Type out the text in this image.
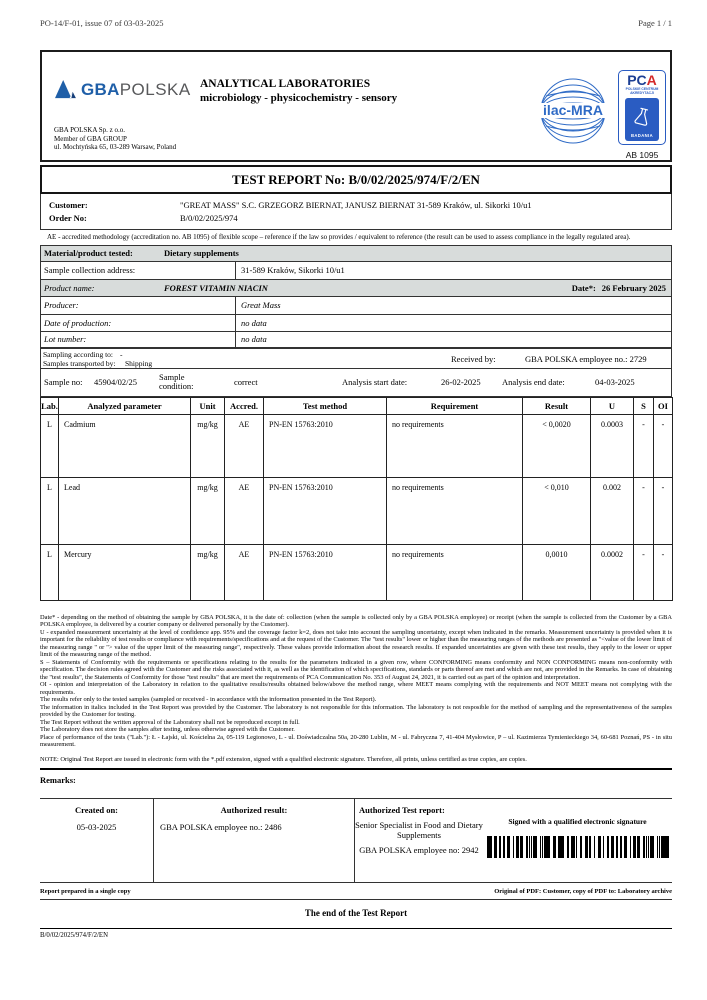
PO-14/F-01, issue 07 of 03-03-2025	Page 1 / 1
GBA POLSKA
GBA POLSKA Sp. z o.o.
Member of GBA GROUP
ul. Mochtyńska 65, 03-289 Warsaw, Poland
ANALYTICAL LABORATORIES
microbiology - physicochemistry - sensory
ilac-MRA
PCA
POLSKIE CENTRUM
AKREDYTACJI
BADANIA
AB 1095
TEST REPORT No: B/0/02/2025/974/F/2/EN
Customer:	"GREAT MASS" S.C. GRZEGORZ BIERNAT, JANUSZ BIERNAT 31-589 Kraków, ul. Sikorki 10/u1
Order No:	B/0/02/2025/974
AE - accredited methodology (accreditation no. AB 1095) of flexible scope – reference if the law so provides / equivalent to reference (the result can be used to assess compliance in the legally regulated area).
Material/product tested:	Dietary supplements
Sample collection address:	31-589 Kraków, Sikorki 10/u1
Product name:	FOREST VITAMIN NIACIN	Date*: 26 February 2025
Producer:	Great Mass
Date of production:	no data
Lot number:	no data
Sampling according to: -
Samples transported by: Shipping	Received by:	GBA POLSKA employee no.: 2729
Sample no: 45904/02/25	Sample condition:	correct	Analysis start date:	26-02-2025	Analysis end date:	04-03-2025
Lab.	Analyzed parameter	Unit	Accred.	Test method	Requirement	Result	U	S	OI
L	Cadmium	mg/kg	AE	PN-EN 15763:2010	no requirements	< 0,0020	0.0003	-	-
L	Lead	mg/kg	AE	PN-EN 15763:2010	no requirements	< 0,010	0.002	-	-
L	Mercury	mg/kg	AE	PN-EN 15763:2010	no requirements	0,0010	0.0002	-	-

Date* - depending on the method of obtaining the sample by GBA POLSKA, it is the date of: collection (when the sample is collected only by a GBA POLSKA employee) or receipt (when the sample is collected from the Customer by a GBA POLSKA employee, is delivered by a courier company or delivered personally by the Customer).

U - expanded measurement uncertainty at the level of confidence app. 95% and the coverage factor k=2, does not take into account the sampling uncertainty, except when indicated in the remarks. Measurement uncertainty is provided when it is important for the reliability of test results or compliance with requirements/specifications and at the request of the Customer. The "test results" lower or higher than the measuring ranges of the methods are presented as "<value of the lower limit of the measuring range " or "> value of the upper limit of the measuring range", respectively. These values provide information about the research results. If expanded uncertainties are given with these test results, they apply to the lower or upper limit of the measuring range of the method.

S – Statements of Conformity with the requirements or specifications relating to the results for the parameters indicated in a given row, where CONFORMING means conformity and NON CONFORMING means non-conformity with specification. The decision rules agreed with the Customer and the risks associated with it, as well as the identification of which specifications, standards or parts thereof are met and which are not, are provided in the Remarks. In case of obtaining the "test results", the Statements of Conformity for those "test results" that are meet the requirements of PCA Communication No. 353 of August 24, 2021, it is carried out as part of the opinion and interpretation.

OI - opinion and interpretation of the Laboratory in relation to the qualitative results/results obtained below/above the method range, where MEET means complying with the requirements and NOT MEET means not complying with the requirements.

The results refer only to the tested samples (sampled or received - in accordance with the information presented in the Test Report).

The information in italics included in the Test Report was provided by the Customer. The laboratory is not responsible for this information. The laboratory is not resposible for the method of sampling and the representativeness of the samples provided by the Customer for testing.

The Test Report without the written approval of the Laboratory shall not be reproduced except in full.

The Laboratory does not store the samples after testing, unless otherwise agreed with the Customer.

Place of performance of the tests ("Lab."): Ł - Łajski, ul. Kościelna 2a, 05-119 Legionowo, L - ul. Doświadczalna 50a, 20-280 Lublin, M - ul. Fabryczna 7, 41-404 Mysłowice, P – ul. Kazimierza Tymienieckiego 34, 60-681 Poznań, PS - in situ measurement.

NOTE: Original Test Report are issued in electronic form with the *.pdf extension, signed with a qualified electronic signature. Therefore, all prints, unless certified as true copies, are copies.

Remarks:
Created on:
05-03-2025
Authorized result:
GBA POLSKA employee no.: 2486
Authorized Test report:
Senior Specialist in Food and Dietary Supplements
GBA POLSKA employee no: 2942
Signed with a qualified electronic signature
Report prepared in a single copy	Original of PDF: Customer, copy of PDF to: Laboratory archive
The end of the Test Report
B/0/02/2025/974/F/2/EN
